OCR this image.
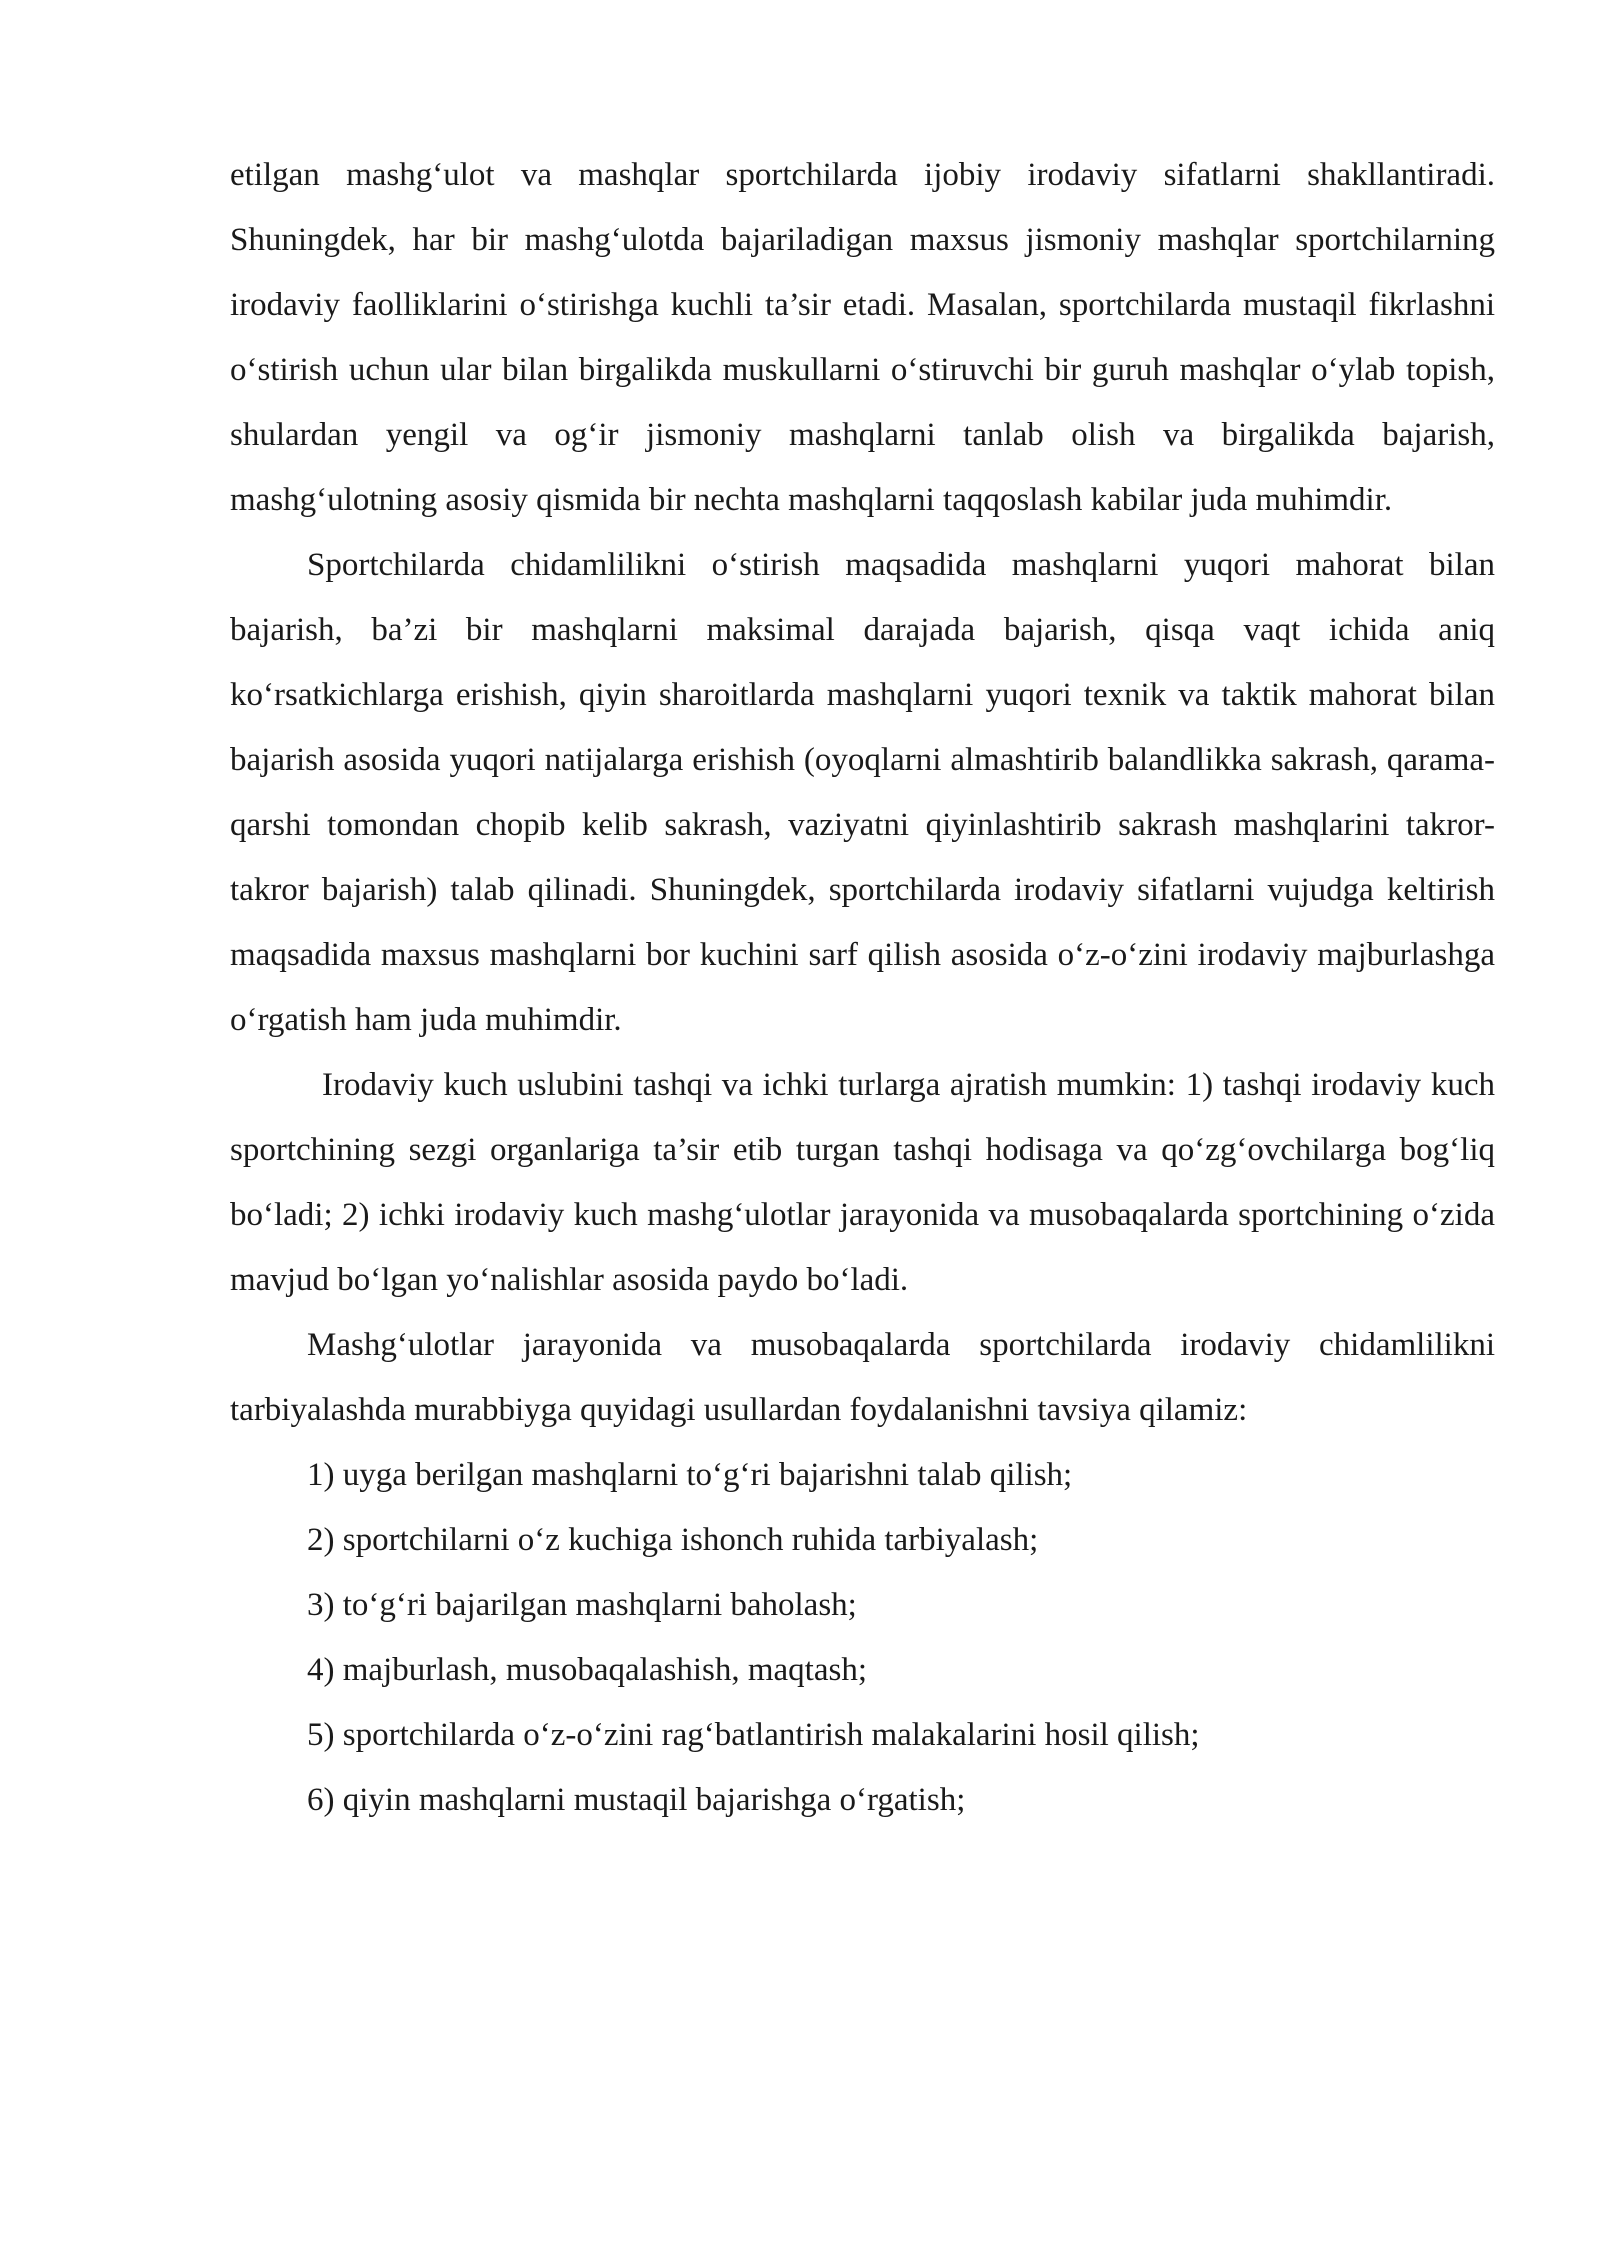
etilgan mashg‘ulot va mashqlar sportchilarda ijobiy irodaviy sifatlarni shakllantiradi. Shuningdek, har bir mashg‘ulotda bajariladigan maxsus jismoniy mashqlar sportchilarning irodaviy faolliklarini o‘stirishga kuchli ta’sir etadi. Masalan, sportchilarda mustaqil fikrlashni o‘stirish uchun ular bilan birgalikda muskullarni o‘stiruvchi bir guruh mashqlar o‘ylab topish, shulardan yengil va og‘ir jismoniy mashqlarni tanlab olish va birgalikda bajarish, mashg‘ulotning asosiy qismida bir nechta mashqlarni taqqoslash kabilar juda muhimdir.

Sportchilarda chidamlilikni o‘stirish maqsadida mashqlarni yuqori mahorat bilan bajarish, ba’zi bir mashqlarni maksimal darajada bajarish, qisqa vaqt ichida aniq ko‘rsatkichlarga erishish, qiyin sharoitlarda mashqlarni yuqori texnik va taktik mahorat bilan bajarish asosida yuqori natijalarga erishish (oyoqlarni almashtirib balandlikka sakrash, qarama-qarshi tomondan chopib kelib sakrash, vaziyatni qiyinlashtirib sakrash mashqlarini takror-takror bajarish) talab qilinadi. Shuningdek, sportchilarda irodaviy sifatlarni vujudga keltirish maqsadida maxsus mashqlarni bor kuchini sarf qilish asosida o‘z-o‘zini irodaviy majburlashga o‘rgatish ham juda muhimdir.

Irodaviy kuch uslubini tashqi va ichki turlarga ajratish mumkin: 1) tashqi irodaviy kuch sportchining sezgi organlariga ta’sir etib turgan tashqi hodisaga va qo‘zg‘ovchilarga bog‘liq bo‘ladi; 2) ichki irodaviy kuch mashg‘ulotlar jarayonida va musobaqalarda sportchining o‘zida mavjud bo‘lgan yo‘nalishlar asosida paydo bo‘ladi.

Mashg‘ulotlar jarayonida va musobaqalarda sportchilarda irodaviy chidamlilikni tarbiyalashda murabbiyga quyidagi usullardan foydalanishni tavsiya qilamiz:

1) uyga berilgan mashqlarni to‘g‘ri bajarishni talab qilish;
2) sportchilarni o‘z kuchiga ishonch ruhida tarbiyalash;
3) to‘g‘ri bajarilgan mashqlarni baholash;
4) majburlash, musobaqalashish, maqtash;
5) sportchilarda o‘z-o‘zini rag‘batlantirish malakalarini hosil qilish;
6) qiyin mashqlarni mustaqil bajarishga o‘rgatish;
